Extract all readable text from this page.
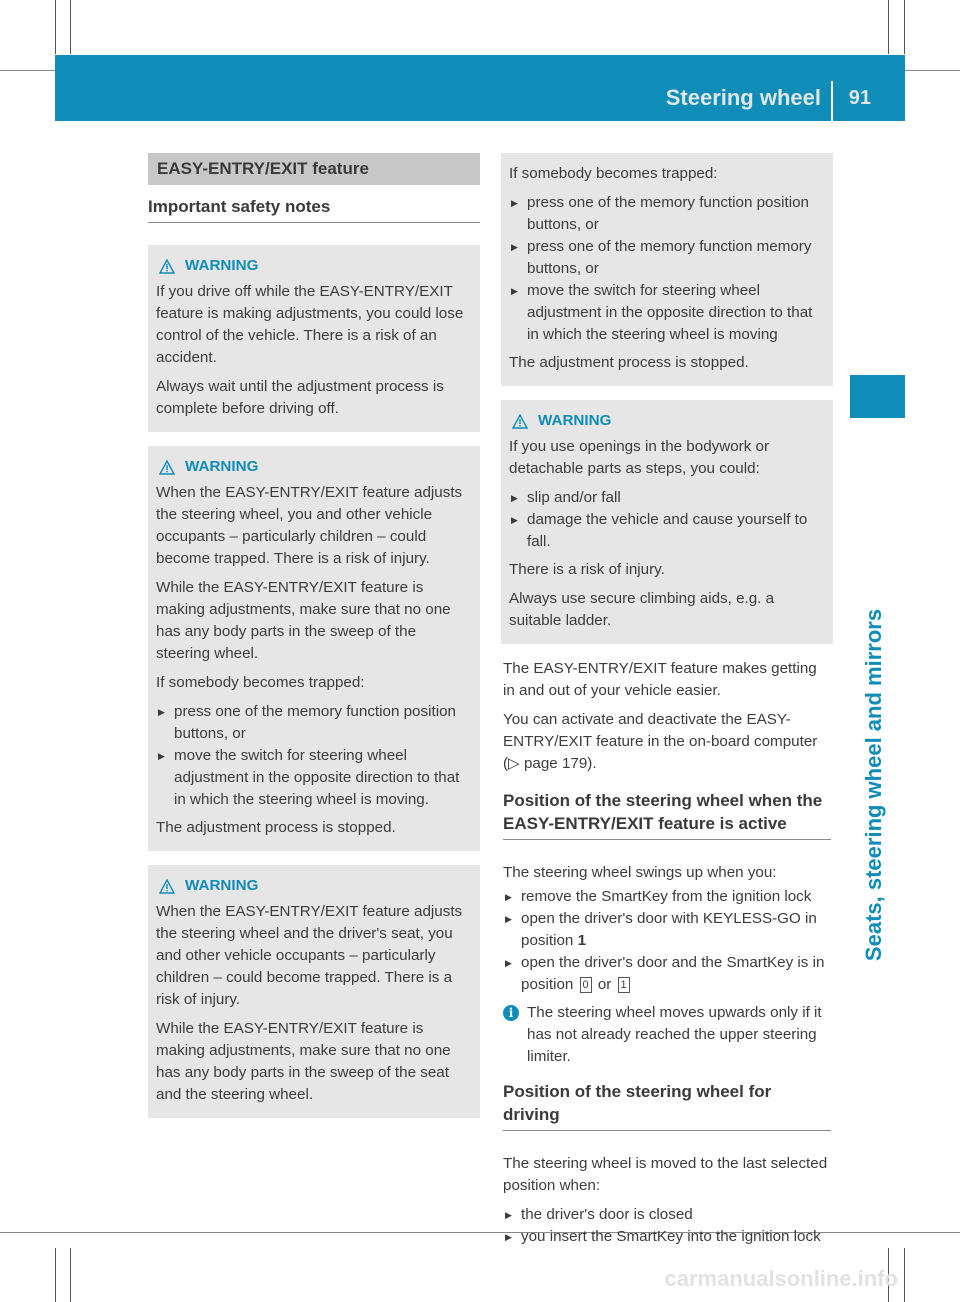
Steering wheel 91
Seats, steering wheel and mirrors
EASY-ENTRY/EXIT feature
Important safety notes
WARNING

If you drive off while the EASY-ENTRY/EXIT feature is making adjustments, you could lose control of the vehicle. There is a risk of an accident.

Always wait until the adjustment process is complete before driving off.

WARNING

When the EASY-ENTRY/EXIT feature adjusts the steering wheel, you and other vehicle occupants – particularly children – could become trapped. There is a risk of injury.

While the EASY-ENTRY/EXIT feature is making adjustments, make sure that no one has any body parts in the sweep of the steering wheel.

If somebody becomes trapped:

▶ press one of the memory function position buttons, or
▶ move the switch for steering wheel adjustment in the opposite direction to that in which the steering wheel is moving.

The adjustment process is stopped.

WARNING

When the EASY-ENTRY/EXIT feature adjusts the steering wheel and the driver's seat, you and other vehicle occupants – particularly children – could become trapped. There is a risk of injury.

While the EASY-ENTRY/EXIT feature is making adjustments, make sure that no one has any body parts in the sweep of the seat and the steering wheel.

If somebody becomes trapped:

▶ press one of the memory function position buttons, or
▶ press one of the memory function memory buttons, or
▶ move the switch for steering wheel adjustment in the opposite direction to that in which the steering wheel is moving

The adjustment process is stopped.

WARNING

If you use openings in the bodywork or detachable parts as steps, you could:

▶ slip and/or fall
▶ damage the vehicle and cause yourself to fall.

There is a risk of injury.

Always use secure climbing aids, e.g. a suitable ladder.

The EASY-ENTRY/EXIT feature makes getting in and out of your vehicle easier.

You can activate and deactivate the EASY-ENTRY/EXIT feature in the on-board computer (▷ page 179).

Position of the steering wheel when the EASY-ENTRY/EXIT feature is active

The steering wheel swings up when you:

▶ remove the SmartKey from the ignition lock
▶ open the driver's door with KEYLESS-GO in position 1
▶ open the driver's door and the SmartKey is in position 0 or 1
i The steering wheel moves upwards only if it has not already reached the upper steering limiter.
Position of the steering wheel for driving

The steering wheel is moved to the last selected position when:

▶ the driver's door is closed
▶ you insert the SmartKey into the ignition lock
carmanualsonline.info
